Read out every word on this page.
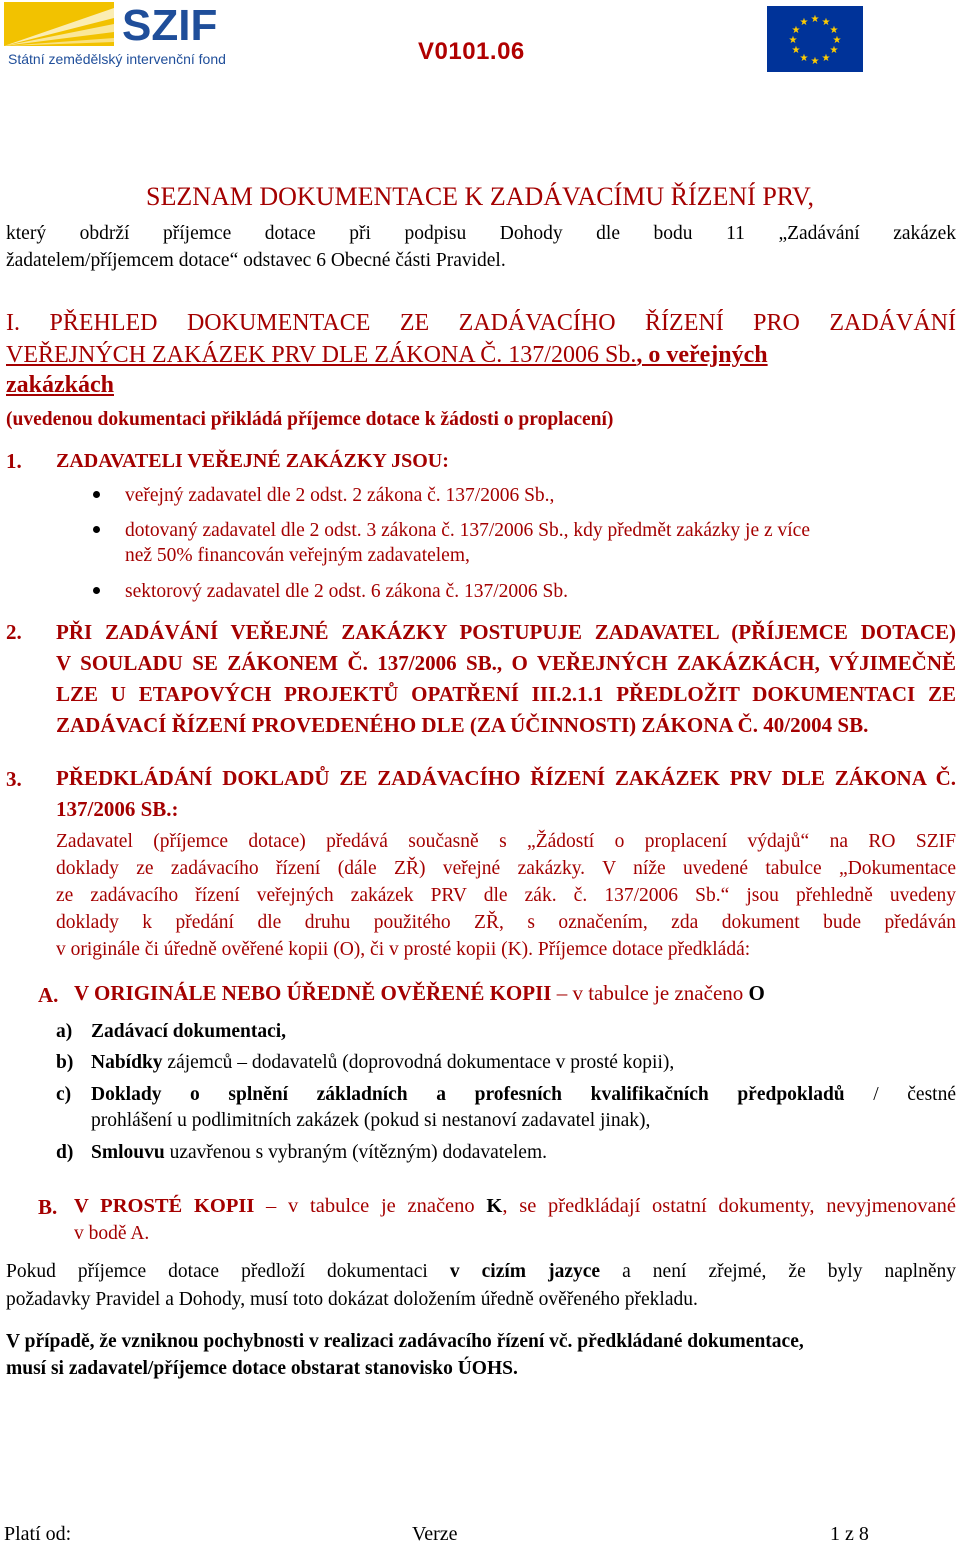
SZIF
Státní zemědělský intervenční fond	V0101.06
★ ★
★
★
★
★
★
★
★
★
★
★
SEZNAM DOKUMENTACE K ZADÁVACÍMU ŘÍZENÍ PRV,
který obdrží příjemce dotace při podpisu Dohody dle bodu 11 „Zadávání zakázek
žadatelem/příjemcem dotace“ odstavec 6 Obecné části Pravidel.
I. PŘEHLED DOKUMENTACE ZE ZADÁVACÍHO ŘÍZENÍ PRO ZADÁVÁNÍ
VEŘEJNÝCH ZAKÁZEK PRV DLE ZÁKONA Č. 137/2006 Sb., o veřejných
zakázkách
(uvedenou dokumentaci přikládá příjemce dotace k žádosti o proplacení)
1. ZADAVATELI VEŘEJNÉ ZAKÁZKY JSOU:
veřejný zadavatel dle 2 odst. 2 zákona č. 137/2006 Sb.,
dotovaný zadavatel dle 2 odst. 3 zákona č. 137/2006 Sb., kdy předmět zakázky je z více
než 50% financován veřejným zadavatelem,
sektorový zadavatel dle 2 odst. 6 zákona č. 137/2006 Sb.
2. PŘI ZADÁVÁNÍ VEŘEJNÉ ZAKÁZKY POSTUPUJE ZADAVATEL (PŘÍJEMCE DOTACE)
V SOULADU SE ZÁKONEM Č. 137/2006 SB., O VEŘEJNÝCH ZAKÁZKÁCH, VÝJIMEČNĚ
LZE U ETAPOVÝCH PROJEKTŮ OPATŘENÍ III.2.1.1 PŘEDLOŽIT DOKUMENTACI ZE
ZADÁVACÍ ŘÍZENÍ PROVEDENÉHO DLE (ZA ÚČINNOSTI) ZÁKONA Č. 40/2004 SB.
3. PŘEDKLÁDÁNÍ DOKLADŮ ZE ZADÁVACÍHO ŘÍZENÍ ZAKÁZEK PRV DLE ZÁKONA Č.
137/2006 SB.:
Zadavatel (příjemce dotace) předává současně s „Žádostí o proplacení výdajů“ na RO SZIF
doklady ze zadávacího řízení (dále ZŘ) veřejné zakázky. V níže uvedené tabulce „Dokumentace
ze zadávacího řízení veřejných zakázek PRV dle zák. č. 137/2006 Sb.“ jsou přehledně uvedeny
doklady k předání dle druhu použitého ZŘ, s označením, zda dokument bude předáván
v originále či úředně ověřené kopii (O), či v prosté kopii (K). Příjemce dotace předkládá:
A. V ORIGINÁLE NEBO ÚŘEDNĚ OVĚŘENÉ KOPII – v tabulce je značeno O
a) Zadávací dokumentaci,
b) Nabídky zájemců – dodavatelů (doprovodná dokumentace v prosté kopii),
c) Doklady o splnění základních a profesních kvalifikačních předpokladů / čestné
prohlášení u podlimitních zakázek (pokud si nestanoví zadavatel jinak),
d) Smlouvu uzavřenou s vybraným (vítězným) dodavatelem.
B. V PROSTÉ KOPII – v tabulce je značeno K, se předkládají ostatní dokumenty, nevyjmenované
v bodě A.
Pokud příjemce dotace předloží dokumentaci v cizím jazyce a není zřejmé, že byly naplněny
požadavky Pravidel a Dohody, musí toto dokázat doložením úředně ověřeného překladu.
V případě, že vzniknou pochybnosti v realizaci zadávacího řízení vč. předkládané dokumentace,
musí si zadavatel/příjemce dotace obstarat stanovisko ÚOHS.
Platí od:	Verze	1 z 8
